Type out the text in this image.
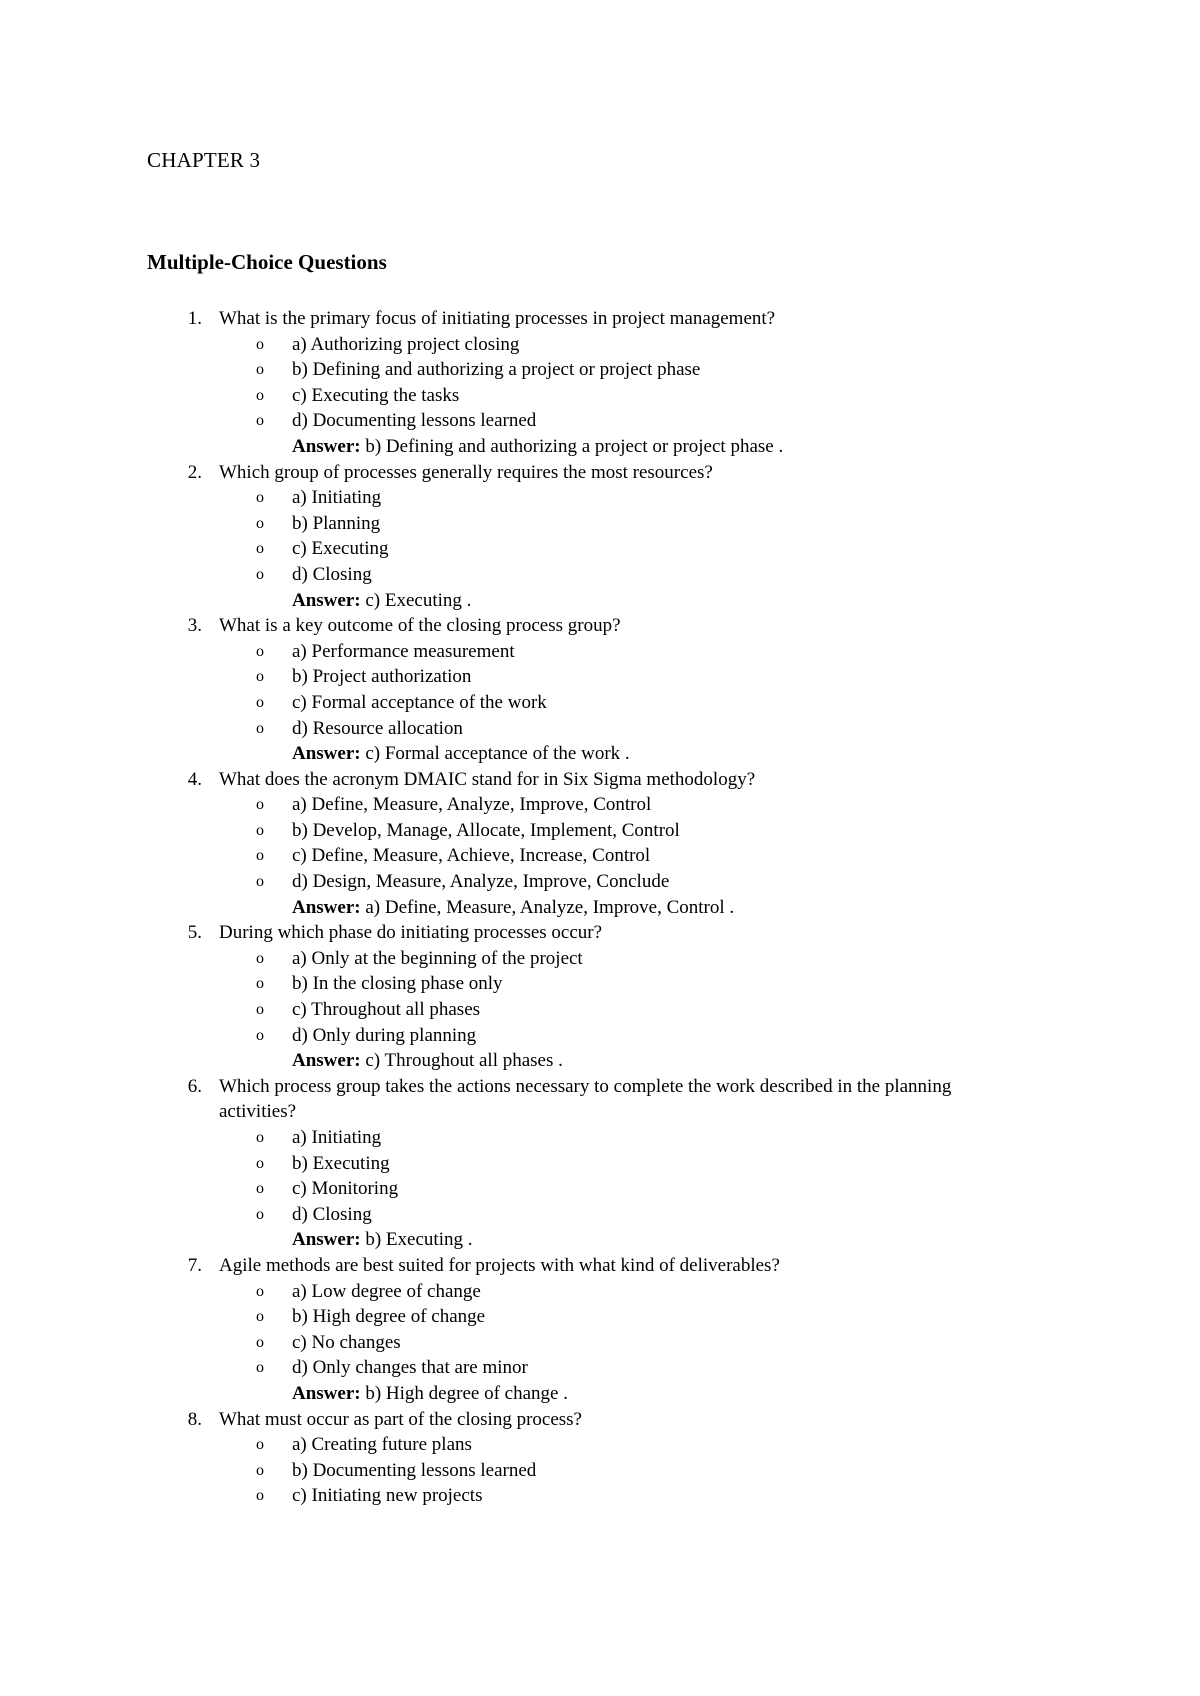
CHAPTER 3
Multiple-Choice Questions
1. What is the primary focus of initiating processes in project management?
o a) Authorizing project closing
o b) Defining and authorizing a project or project phase
o c) Executing the tasks
o d) Documenting lessons learned
Answer: b) Defining and authorizing a project or project phase .
2. Which group of processes generally requires the most resources?
o a) Initiating
o b) Planning
o c) Executing
o d) Closing
Answer: c) Executing .
3. What is a key outcome of the closing process group?
o a) Performance measurement
o b) Project authorization
o c) Formal acceptance of the work
o d) Resource allocation
Answer: c) Formal acceptance of the work .
4. What does the acronym DMAIC stand for in Six Sigma methodology?
o a) Define, Measure, Analyze, Improve, Control
o b) Develop, Manage, Allocate, Implement, Control
o c) Define, Measure, Achieve, Increase, Control
o d) Design, Measure, Analyze, Improve, Conclude
Answer: a) Define, Measure, Analyze, Improve, Control .
5. During which phase do initiating processes occur?
o a) Only at the beginning of the project
o b) In the closing phase only
o c) Throughout all phases
o d) Only during planning
Answer: c) Throughout all phases .
6. Which process group takes the actions necessary to complete the work described in the planning activities?
o a) Initiating
o b) Executing
o c) Monitoring
o d) Closing
Answer: b) Executing .
7. Agile methods are best suited for projects with what kind of deliverables?
o a) Low degree of change
o b) High degree of change
o c) No changes
o d) Only changes that are minor
Answer: b) High degree of change .
8. What must occur as part of the closing process?
o a) Creating future plans
o b) Documenting lessons learned
o c) Initiating new projects
